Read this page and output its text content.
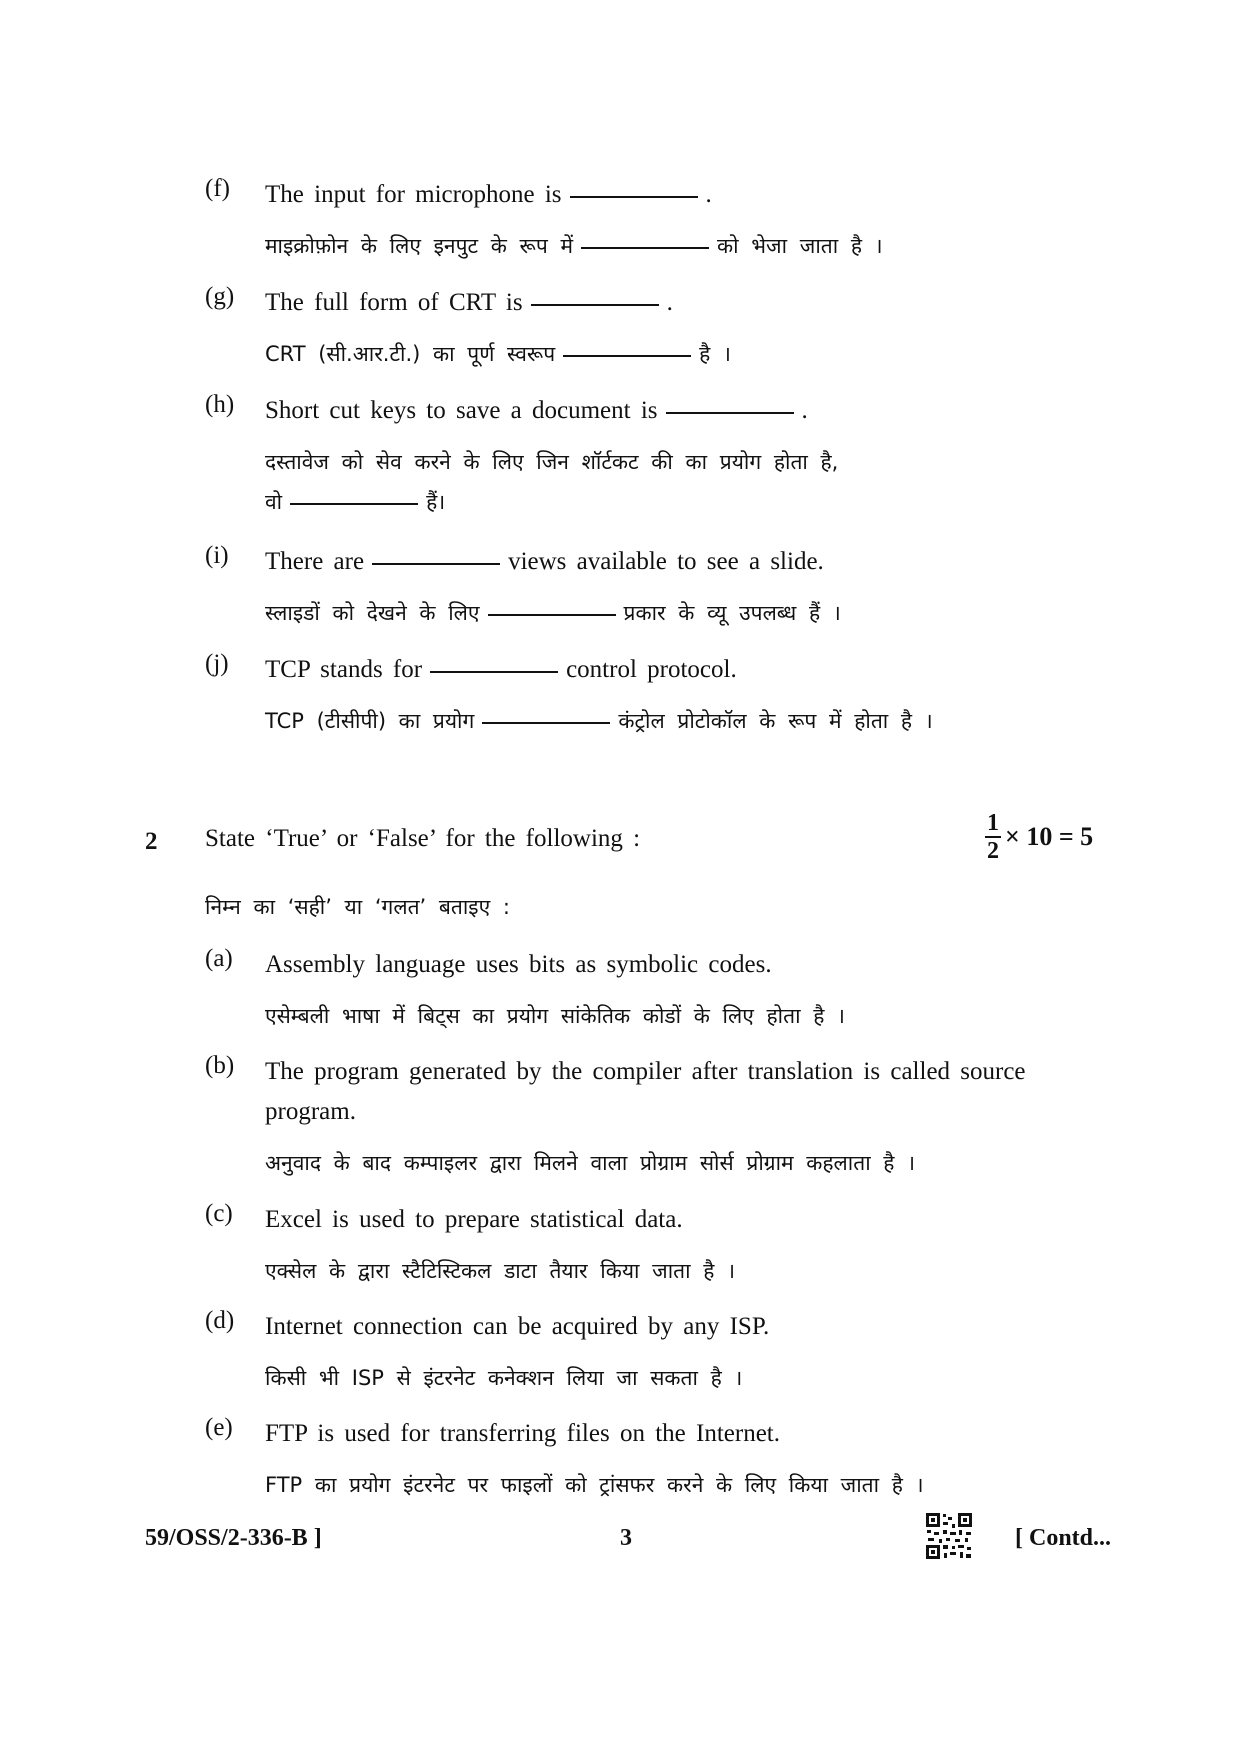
(f) The input for microphone is	.
माइक्रोफ़ोन के लिए इनपुट के रूप में	को भेजा जाता है ।
(g) The full form of CRT is	.
CRT (सी.आर.टी.) का पूर्ण स्वरूप	है ।
(h) Short cut keys to save a document is	.
दस्तावेज को सेव करने के लिए जिन शॉर्टकट की का प्रयोग होता है,
वो	हैं।
(i) There are	views available to see a slide.
स्लाइडों को देखने के लिए	प्रकार के व्यू उपलब्ध हैं ।
(j) TCP stands for	control protocol.
TCP (टीसीपी) का प्रयोग	कंट्रोल प्रोटोकॉल के रूप में होता है ।
2 State ‘True’ or ‘False’ for the following :	$\frac{1}{2} \times 10 = 5$
निम्न का ‘सही’ या ‘गलत’ बताइए :
(a) Assembly language uses bits as symbolic codes.
एसेम्बली भाषा में बिट्स का प्रयोग सांकेतिक कोडों के लिए होता है ।
(b) The program generated by the compiler after translation is called source program.
अनुवाद के बाद कम्पाइलर द्वारा मिलने वाला प्रोग्राम सोर्स प्रोग्राम कहलाता है ।
(c) Excel is used to prepare statistical data.
एक्सेल के द्वारा स्टैटिस्टिकल डाटा तैयार किया जाता है ।
(d) Internet connection can be acquired by any ISP.
किसी भी ISP से इंटरनेट कनेक्शन लिया जा सकता है ।
(e) FTP is used for transferring files on the Internet.
FTP का प्रयोग इंटरनेट पर फाइलों को ट्रांसफर करने के लिए किया जाता है ।
59/OSS/2-336-B ]	3	[ Contd...
